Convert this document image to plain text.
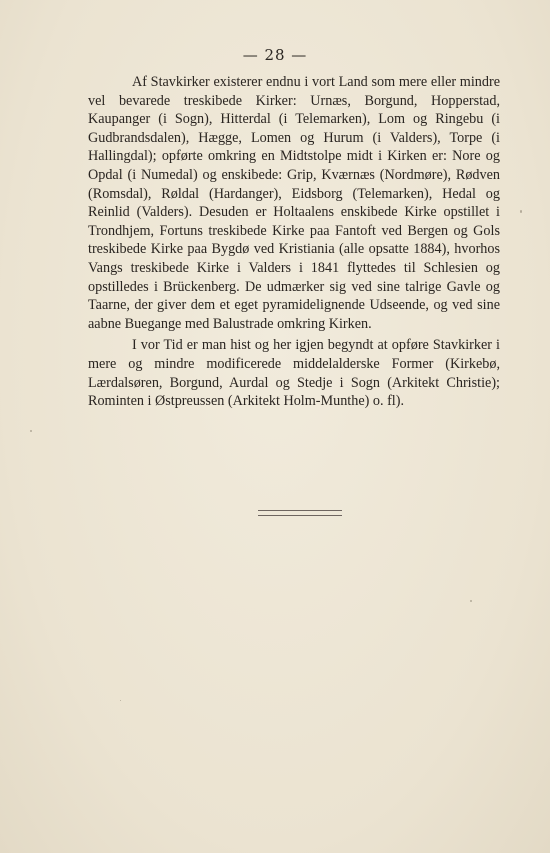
— 28 —

Af Stavkirker existerer endnu i vort Land som mere eller mindre vel bevarede treskibede Kirker: Urnæs, Borgund, Hopperstad, Kaupanger (i Sogn), Hitterdal (i Telemarken), Lom og Ringebu (i Gudbrandsdalen), Hægge, Lomen og Hurum (i Valders), Torpe (i Hallingdal); opførte omkring en Midtstolpe midt i Kirken er: Nore og Opdal (i Numedal) og enskibede: Grip, Kværnæs (Nordmøre), Rødven (Romsdal), Røldal (Hardanger), Eidsborg (Telemarken), Hedal og Reinlid (Valders). Desuden er Holtaalens enskibede Kirke opstillet i Trondhjem, Fortuns treskibede Kirke paa Fantoft ved Bergen og Gols treskibede Kirke paa Bygdø ved Kristiania (alle opsatte 1884), hvorhos Vangs treskibede Kirke i Valders i 1841 flyttedes til Schlesien og opstilledes i Brückenberg. De udmærker sig ved sine talrige Gavle og Taarne, der giver dem et eget pyramidelignende Udseende, og ved sine aabne Buegange med Balustrade omkring Kirken.

I vor Tid er man hist og her igjen begyndt at opføre Stavkirker i mere og mindre modificerede middelalderske Former (Kirkebø, Lærdalsøren, Borgund, Aurdal og Stedje i Sogn (Arkitekt Christie); Rominten i Østpreussen (Arkitekt Holm-Munthe) o. fl).
